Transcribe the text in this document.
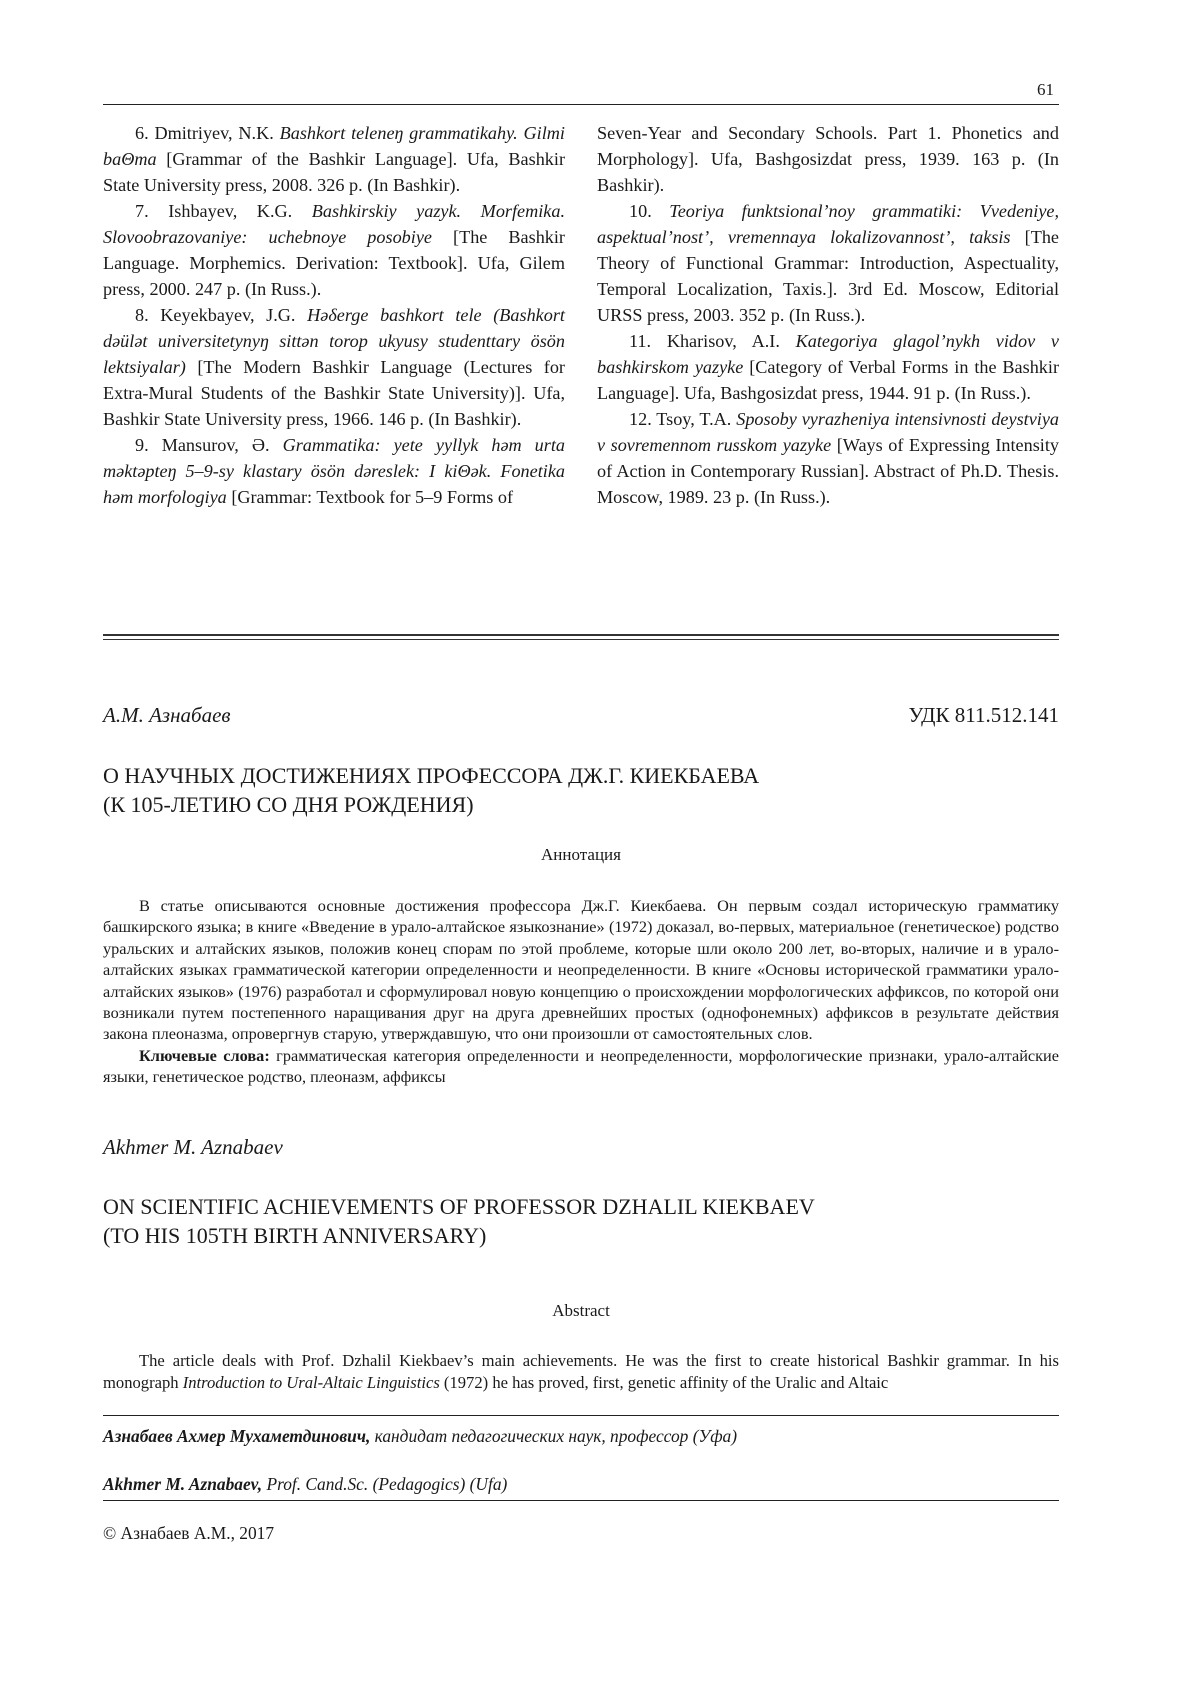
61

6. Dmitriyev, N.K. Bashkort teleneŋ grammatikahy. Gilmi baΘma [Grammar of the Bashkir Language]. Ufa, Bashkir State University press, 2008. 326 p. (In Bashkir).

7. Ishbayev, K.G. Bashkirskiy yazyk. Morfemika. Slovoobrazovaniye: uchebnoye posobiye [The Bashkir Language. Morphemics. Derivation: Textbook]. Ufa, Gilem press, 2000. 247 p. (In Russ.).

8. Keyekbayev, J.G. Həδerge bashkort tele (Bashkort dəülət universitetynyŋ sittən torop ukyusy studenttary ösön lektsiyalar) [The Modern Bashkir Language (Lectures for Extra-Mural Students of the Bashkir State University)]. Ufa, Bashkir State University press, 1966. 146 p. (In Bashkir).

9. Mansurov, Ə. Grammatika: yete yyllyk həm urta məktəpteŋ 5–9-sy klastary ösön dəreslek: I kiΘək. Fonetika həm morfologiya [Grammar: Textbook for 5–9 Forms of

Seven-Year and Secondary Schools. Part 1. Phonetics and Morphology]. Ufa, Bashgosizdat press, 1939. 163 p. (In Bashkir).

10. Teoriya funktsional’noy grammatiki: Vvedeniye, aspektual’nost’, vremennaya lokalizovannost’, taksis [The Theory of Functional Grammar: Introduction, Aspectuality, Temporal Localization, Taxis.]. 3rd Ed. Moscow, Editorial URSS press, 2003. 352 p. (In Russ.).

11. Kharisov, A.I. Kategoriya glagol’nykh vidov v bashkirskom yazyke [Category of Verbal Forms in the Bashkir Language]. Ufa, Bashgosizdat press, 1944. 91 p. (In Russ.).

12. Tsoy, T.A. Sposoby vyrazheniya intensivnosti deystviya v sovremennom russkom yazyke [Ways of Expressing Intensity of Action in Contemporary Russian]. Abstract of Ph.D. Thesis. Moscow, 1989. 23 p. (In Russ.).

А.М. Азнабаев	УДК 811.512.141
О НАУЧНЫХ ДОСТИЖЕНИЯХ ПРОФЕССОРА ДЖ.Г. КИЕКБАЕВА
(К 105-ЛЕТИЮ СО ДНЯ РОЖДЕНИЯ)
Аннотация

В статье описываются основные достижения профессора Дж.Г. Киекбаева. Он первым создал историческую грамматику башкирского языка; в книге «Введение в урало-алтайское языкознание» (1972) доказал, во-первых, материальное (генетическое) родство уральских и алтайских языков, положив конец спорам по этой проблеме, которые шли около 200 лет, во-вторых, наличие и в урало-алтайских языках грамматической категории определенности и неопределенности. В книге «Основы исторической грамматики урало-алтайских языков» (1976) разработал и сформулировал новую концепцию о происхождении морфологических аффиксов, по которой они возникали путем постепенного наращивания друг на друга древнейших простых (однофонемных) аффиксов в результате действия закона плеоназма, опровергнув старую, утверждавшую, что они произошли от самостоятельных слов.

Ключевые слова: грамматическая категория определенности и неопределенности, морфологические признаки, урало-алтайские языки, генетическое родство, плеоназм, аффиксы

Akhmer M. Aznabaev
ON SCIENTIFIC ACHIEVEMENTS OF PROFESSOR DZHALIL KIEKBAEV
(TO HIS 105TH BIRTH ANNIVERSARY)
Abstract

The article deals with Prof. Dzhalil Kiekbaev’s main achievements. He was the first to create historical Bashkir grammar. In his monograph Introduction to Ural-Altaic Linguistics (1972) he has proved, first, genetic affinity of the Uralic and Altaic

Азнабаев Ахмер Мухаметдинович, кандидат педагогических наук, профессор (Уфа)
Akhmer M. Aznabaev, Prof. Cand.Sc. (Pedagogics) (Ufa)
© Азнабаев А.М., 2017
